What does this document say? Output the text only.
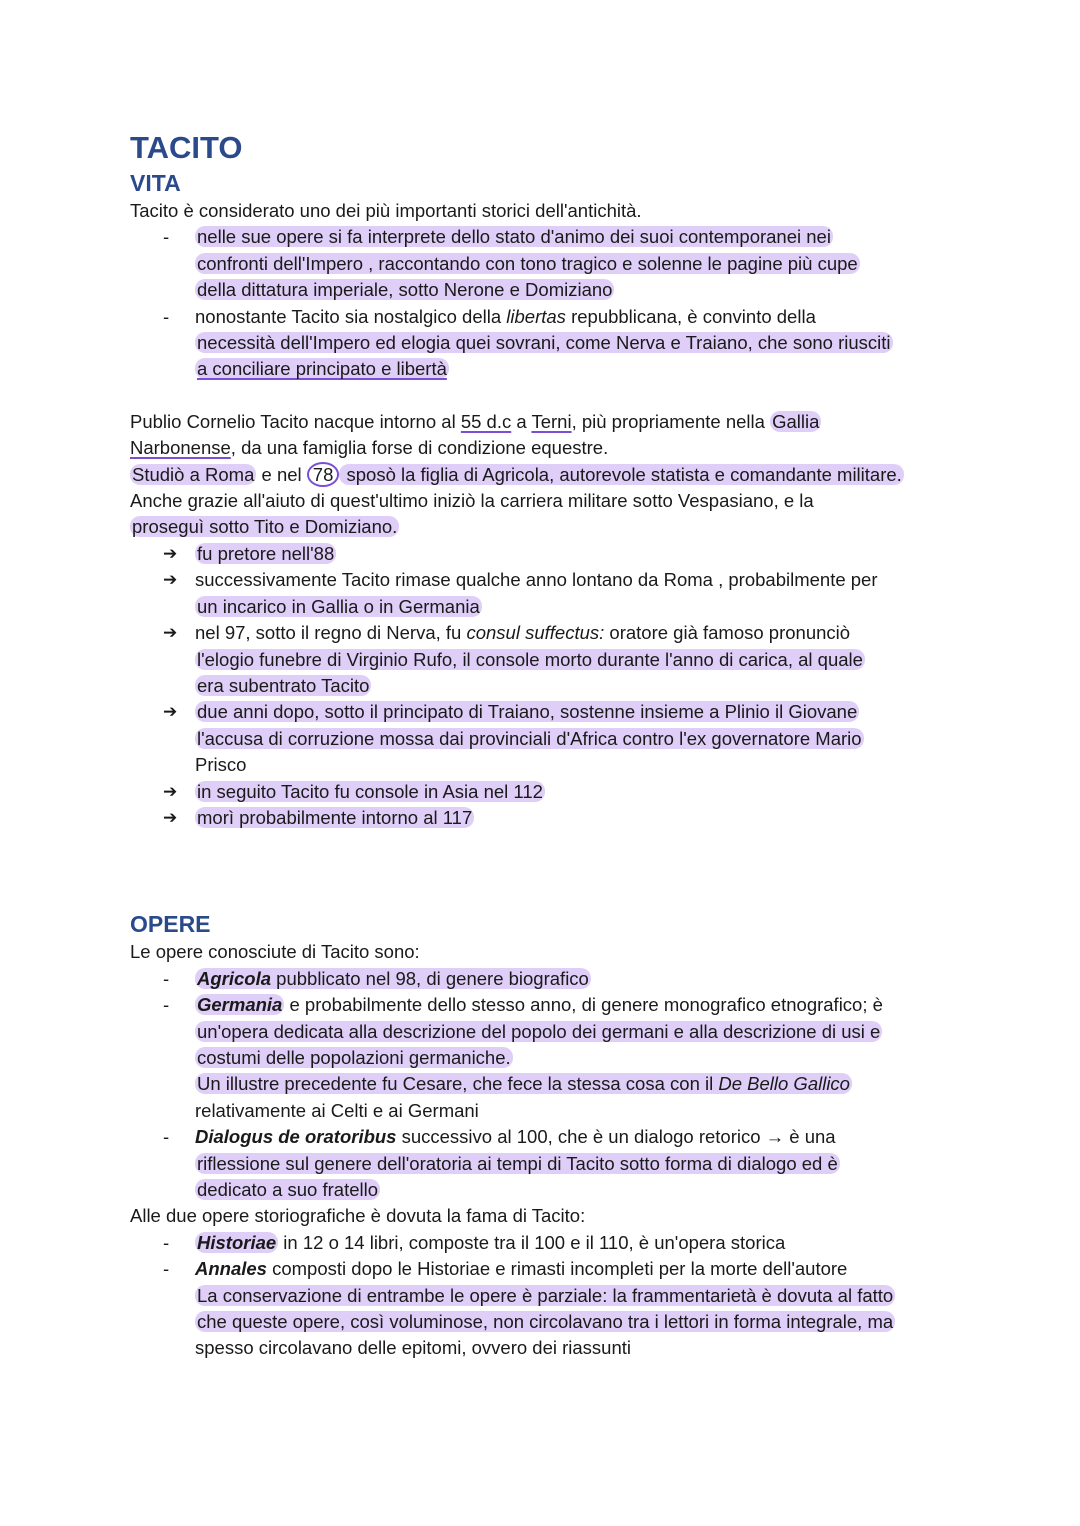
TACITO
VITA
Tacito è considerato uno dei più importanti storici dell'antichità.
- nelle sue opere si fa interprete dello stato d'animo dei suoi contemporanei nei
confronti dell'Impero , raccontando con tono tragico e solenne le pagine più cupe
della dittatura imperiale, sotto Nerone e Domiziano
- nonostante Tacito sia nostalgico della libertas repubblicana, è convinto della
necessità dell'Impero ed elogia quei sovrani, come Nerva e Traiano, che sono riusciti
a conciliare principato e libertà
Publio Cornelio Tacito nacque intorno al 55 d.c a Terni, più propriamente nella Gallia
Narbonense, da una famiglia forse di condizione equestre.
Studiò a Roma e nel 78 sposò la figlia di Agricola, autorevole statista e comandante militare.
Anche grazie all'aiuto di quest'ultimo iniziò la carriera militare sotto Vespasiano, e la
proseguì sotto Tito e Domiziano.
➔ fu pretore nell'88
➔ successivamente Tacito rimase qualche anno lontano da Roma , probabilmente per
un incarico in Gallia o in Germania
➔ nel 97, sotto il regno di Nerva, fu consul suffectus: oratore già famoso pronunciò
l'elogio funebre di Virginio Rufo, il console morto durante l'anno di carica, al quale
era subentrato Tacito
➔ due anni dopo, sotto il principato di Traiano, sostenne insieme a Plinio il Giovane
l'accusa di corruzione mossa dai provinciali d'Africa contro l'ex governatore Mario
Prisco
➔ in seguito Tacito fu console in Asia nel 112
➔ morì probabilmente intorno al 117
OPERE
Le opere conosciute di Tacito sono:
- Agricola pubblicato nel 98, di genere biografico
- Germania e probabilmente dello stesso anno, di genere monografico etnografico; è
un'opera dedicata alla descrizione del popolo dei germani e alla descrizione di usi e
costumi delle popolazioni germaniche.
Un illustre precedente fu Cesare, che fece la stessa cosa con il De Bello Gallico
relativamente ai Celti e ai Germani
- Dialogus de oratoribus successivo al 100, che è un dialogo retorico → è una
riflessione sul genere dell'oratoria ai tempi di Tacito sotto forma di dialogo ed è
dedicato a suo fratello
Alle due opere storiografiche è dovuta la fama di Tacito:
- Historiae in 12 o 14 libri, composte tra il 100 e il 110, è un'opera storica
- Annales composti dopo le Historiae e rimasti incompleti per la morte dell'autore
La conservazione di entrambe le opere è parziale: la frammentarietà è dovuta al fatto
che queste opere, così voluminose, non circolavano tra i lettori in forma integrale, ma
spesso circolavano delle epitomi, ovvero dei riassunti
